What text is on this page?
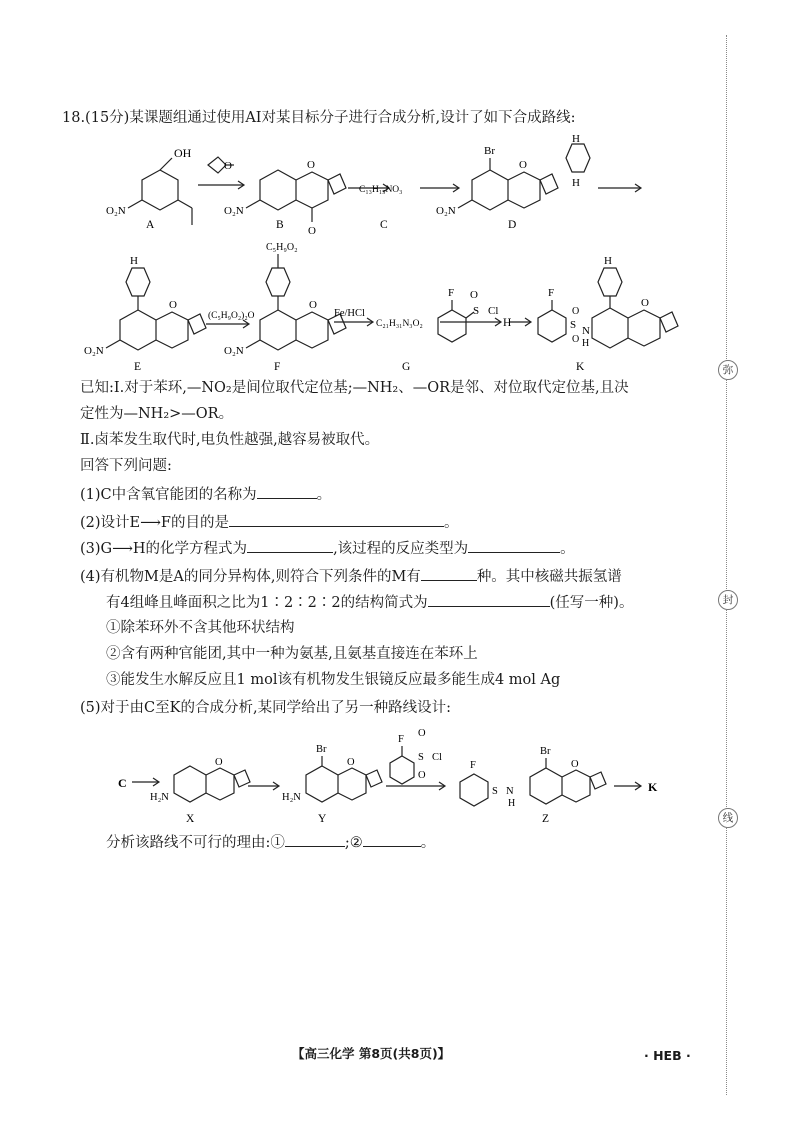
18.(15分)某课题组通过使用AI对某目标分子进行合成分析,设计了如下合成路线:
OH
O₂N
O	O
O
O₂N
C₁₃H₁₅NO₃
Br
O
O₂N
H
H
A	B	C	D
H
O
O₂N
(C₅H₉O₂)₂O
C₅H₉O₂
O
O₂N
Fe/HCl
C₂₁H₃₁N₃O₂
F O
S Cl
H
F
S
O
O
N
H
H
O
E	F	G	K
已知:Ⅰ.对于苯环,—NO₂是间位取代定位基;—NH₂、—OR是邻、对位取代定位基,且决
定性为—NH₂>—OR。
Ⅱ.卤苯发生取代时,电负性越强,越容易被取代。
回答下列问题:
(1)C中含氧官能团的名称为	。
(2)设计E⟶F的目的是	。
(3)G⟶H的化学方程式为	,该过程的反应类型为	。
(4)有机物M是A的同分异构体,则符合下列条件的M有	种。其中核磁共振氢谱
有4组峰且峰面积之比为1∶2∶2∶2的结构简式为	(任写一种)。
①除苯环外不含其他环状结构
②含有两种官能团,其中一种为氨基,且氨基直接连在苯环上
③能发生水解反应且1 mol该有机物发生银镜反应最多能生成4 mol Ag
(5)对于由C至K的合成分析,某同学给出了另一种路线设计:
C
H₂N
O
Br
H₂N
O
F
O
S Cl
O
F
S N
H
Br
O
K
X	Y	Z
分析该路线不可行的理由:①	;②	。
弥
封
线
【高三化学 第8页(共8页)】	· HEB ·
